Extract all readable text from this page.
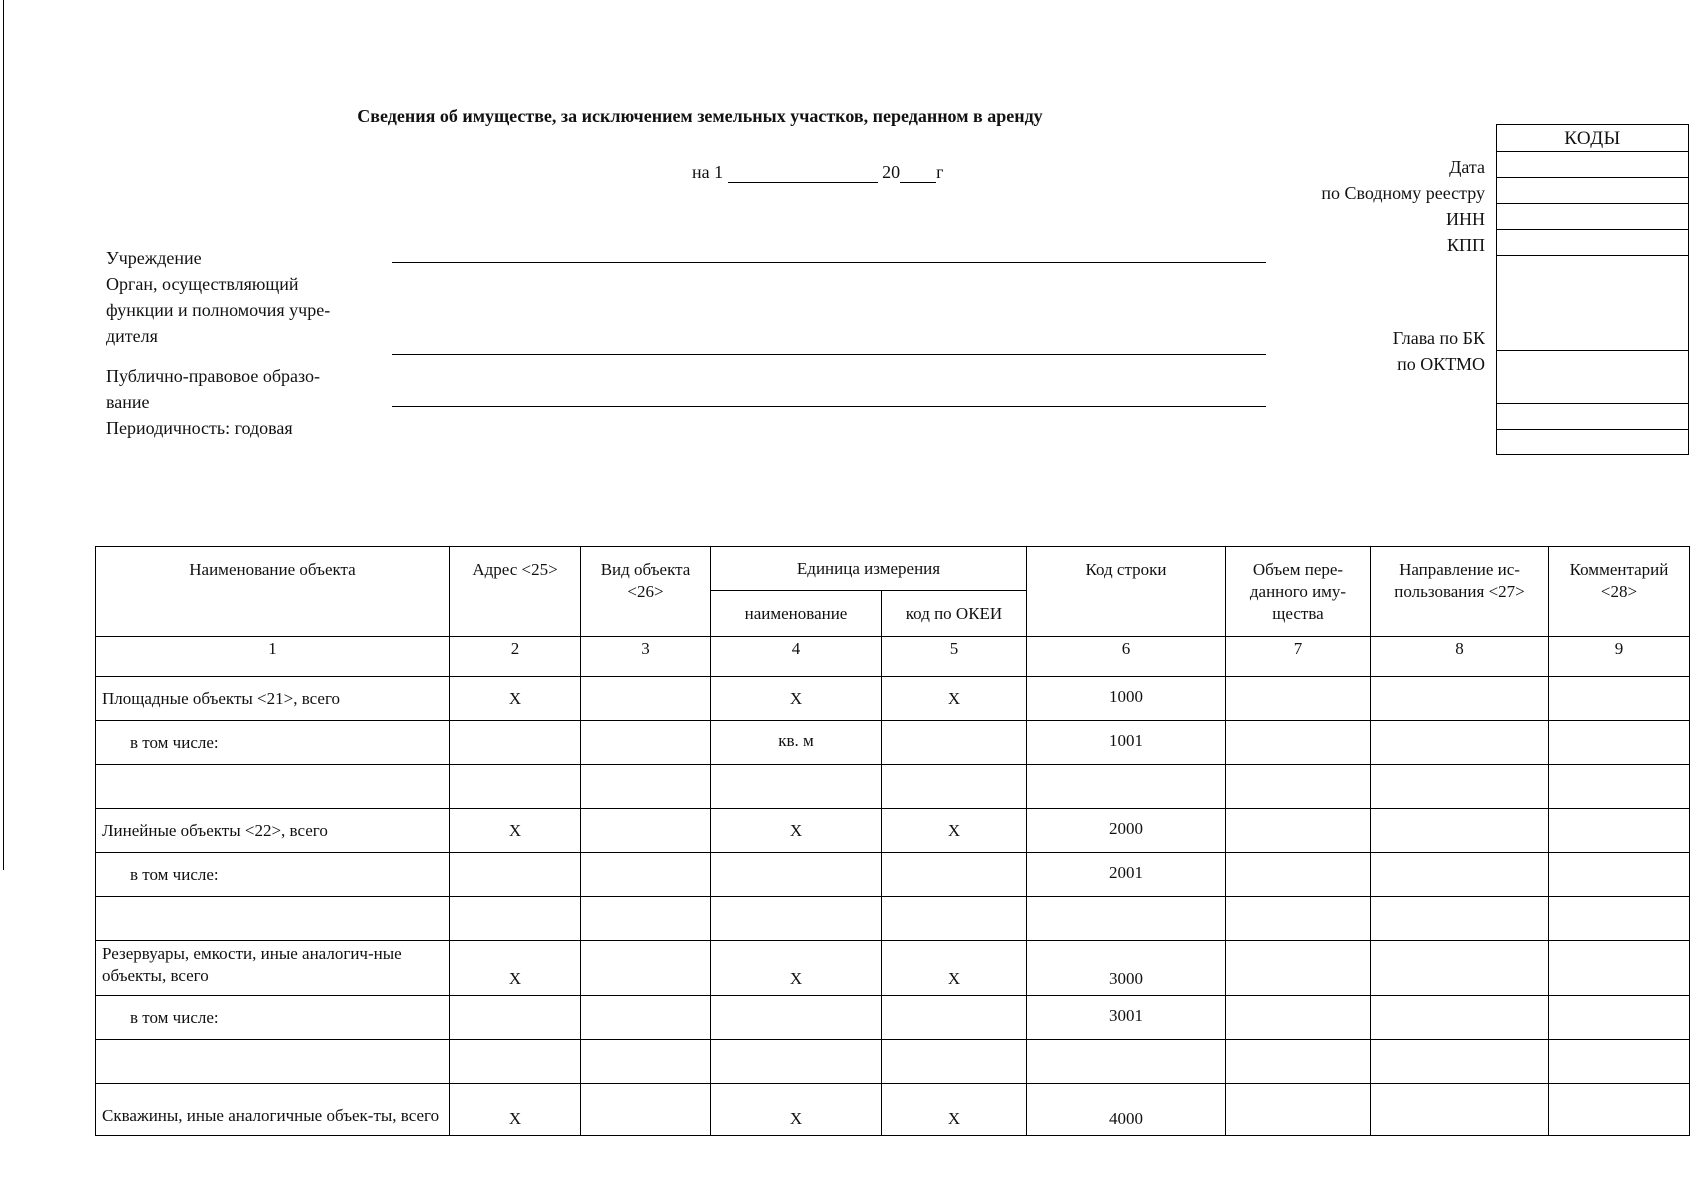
Сведения об имуществе, за исключением земельных участков, переданном в аренду
на 1	20 г
Учреждение
Орган, осуществляющий
функции и полномочия учре-
дителя
Публично-правовое образо-
вание
Периодичность: годовая
КОДЫ
Дата
по Сводному реестру
ИНН
КПП
Глава по БК
по ОКТМО
Наименование объекта	Адрес <25>	Вид объекта <26>	Единица измерения		Код строки	Объем пере-данного иму-щества	Направление ис-пользования <27>	Комментарий <28>
			наименование	код по ОКЕИ				
1	2	3	4	5	6	7	8	9
Площадные объекты <21>, всего	Х		Х	Х	1000			
в том числе:			кв. м		1001			

Линейные объекты <22>, всего	Х		Х	Х	2000			
в том числе:					2001			

Резервуары, емкости, иные аналогич-ные объекты, всего	Х		Х	Х	3000			
в том числе:					3001			

Скважины, иные аналогичные объек-ты, всего	Х		Х	Х	4000			
